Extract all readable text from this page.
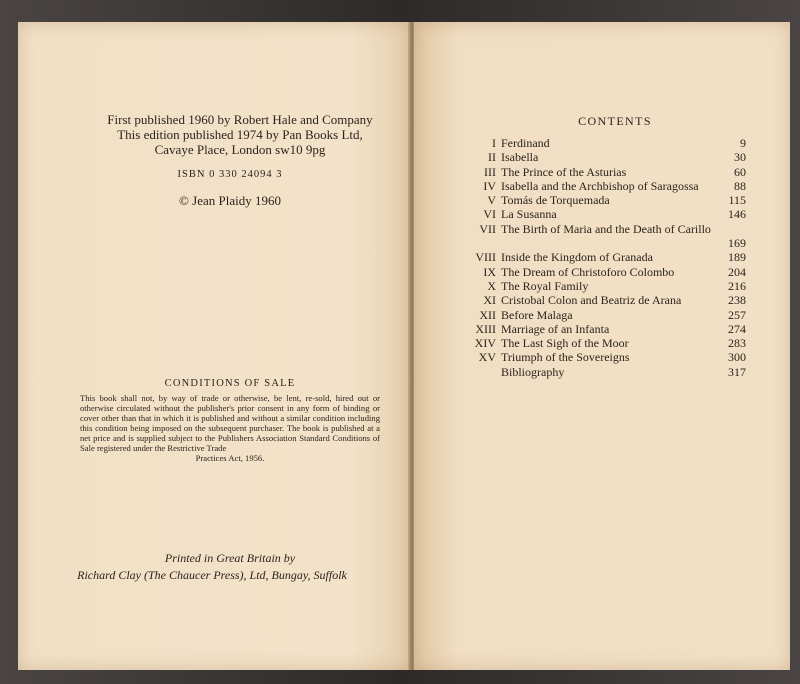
First published 1960 by Robert Hale and Company
This edition published 1974 by Pan Books Ltd,
Cavaye Place, London sw10 9pg
ISBN 0 330 24094 3
© Jean Plaidy 1960
CONDITIONS OF SALE
This book shall not, by way of trade or otherwise, be lent, re-sold, hired out or otherwise circulated without the publisher's prior consent in any form of binding or cover other than that in which it is published and without a similar condition including this condition being imposed on the subsequent purchaser. The book is published at a net price and is supplied subject to the Publishers Association Standard Conditions of Sale registered under the Restrictive Trade
Practices Act, 1956.
Printed in Great Britain by
Richard Clay (The Chaucer Press), Ltd, Bungay, Suffolk
CONTENTS
I Ferdinand	9
II Isabella	30
III The Prince of the Asturias	60
IV Isabella and the Archbishop of Saragossa	88
V Tomás de Torquemada	115
VI La Susanna	146
VII The Birth of Maria and the Death of Carillo
169
VIII Inside the Kingdom of Granada	189
IX The Dream of Christoforo Colombo	204
X The Royal Family	216
XI Cristobal Colon and Beatriz de Arana	238
XII Before Malaga	257
XIII Marriage of an Infanta	274
XIV The Last Sigh of the Moor	283
XV Triumph of the Sovereigns	300
Bibliography	317
